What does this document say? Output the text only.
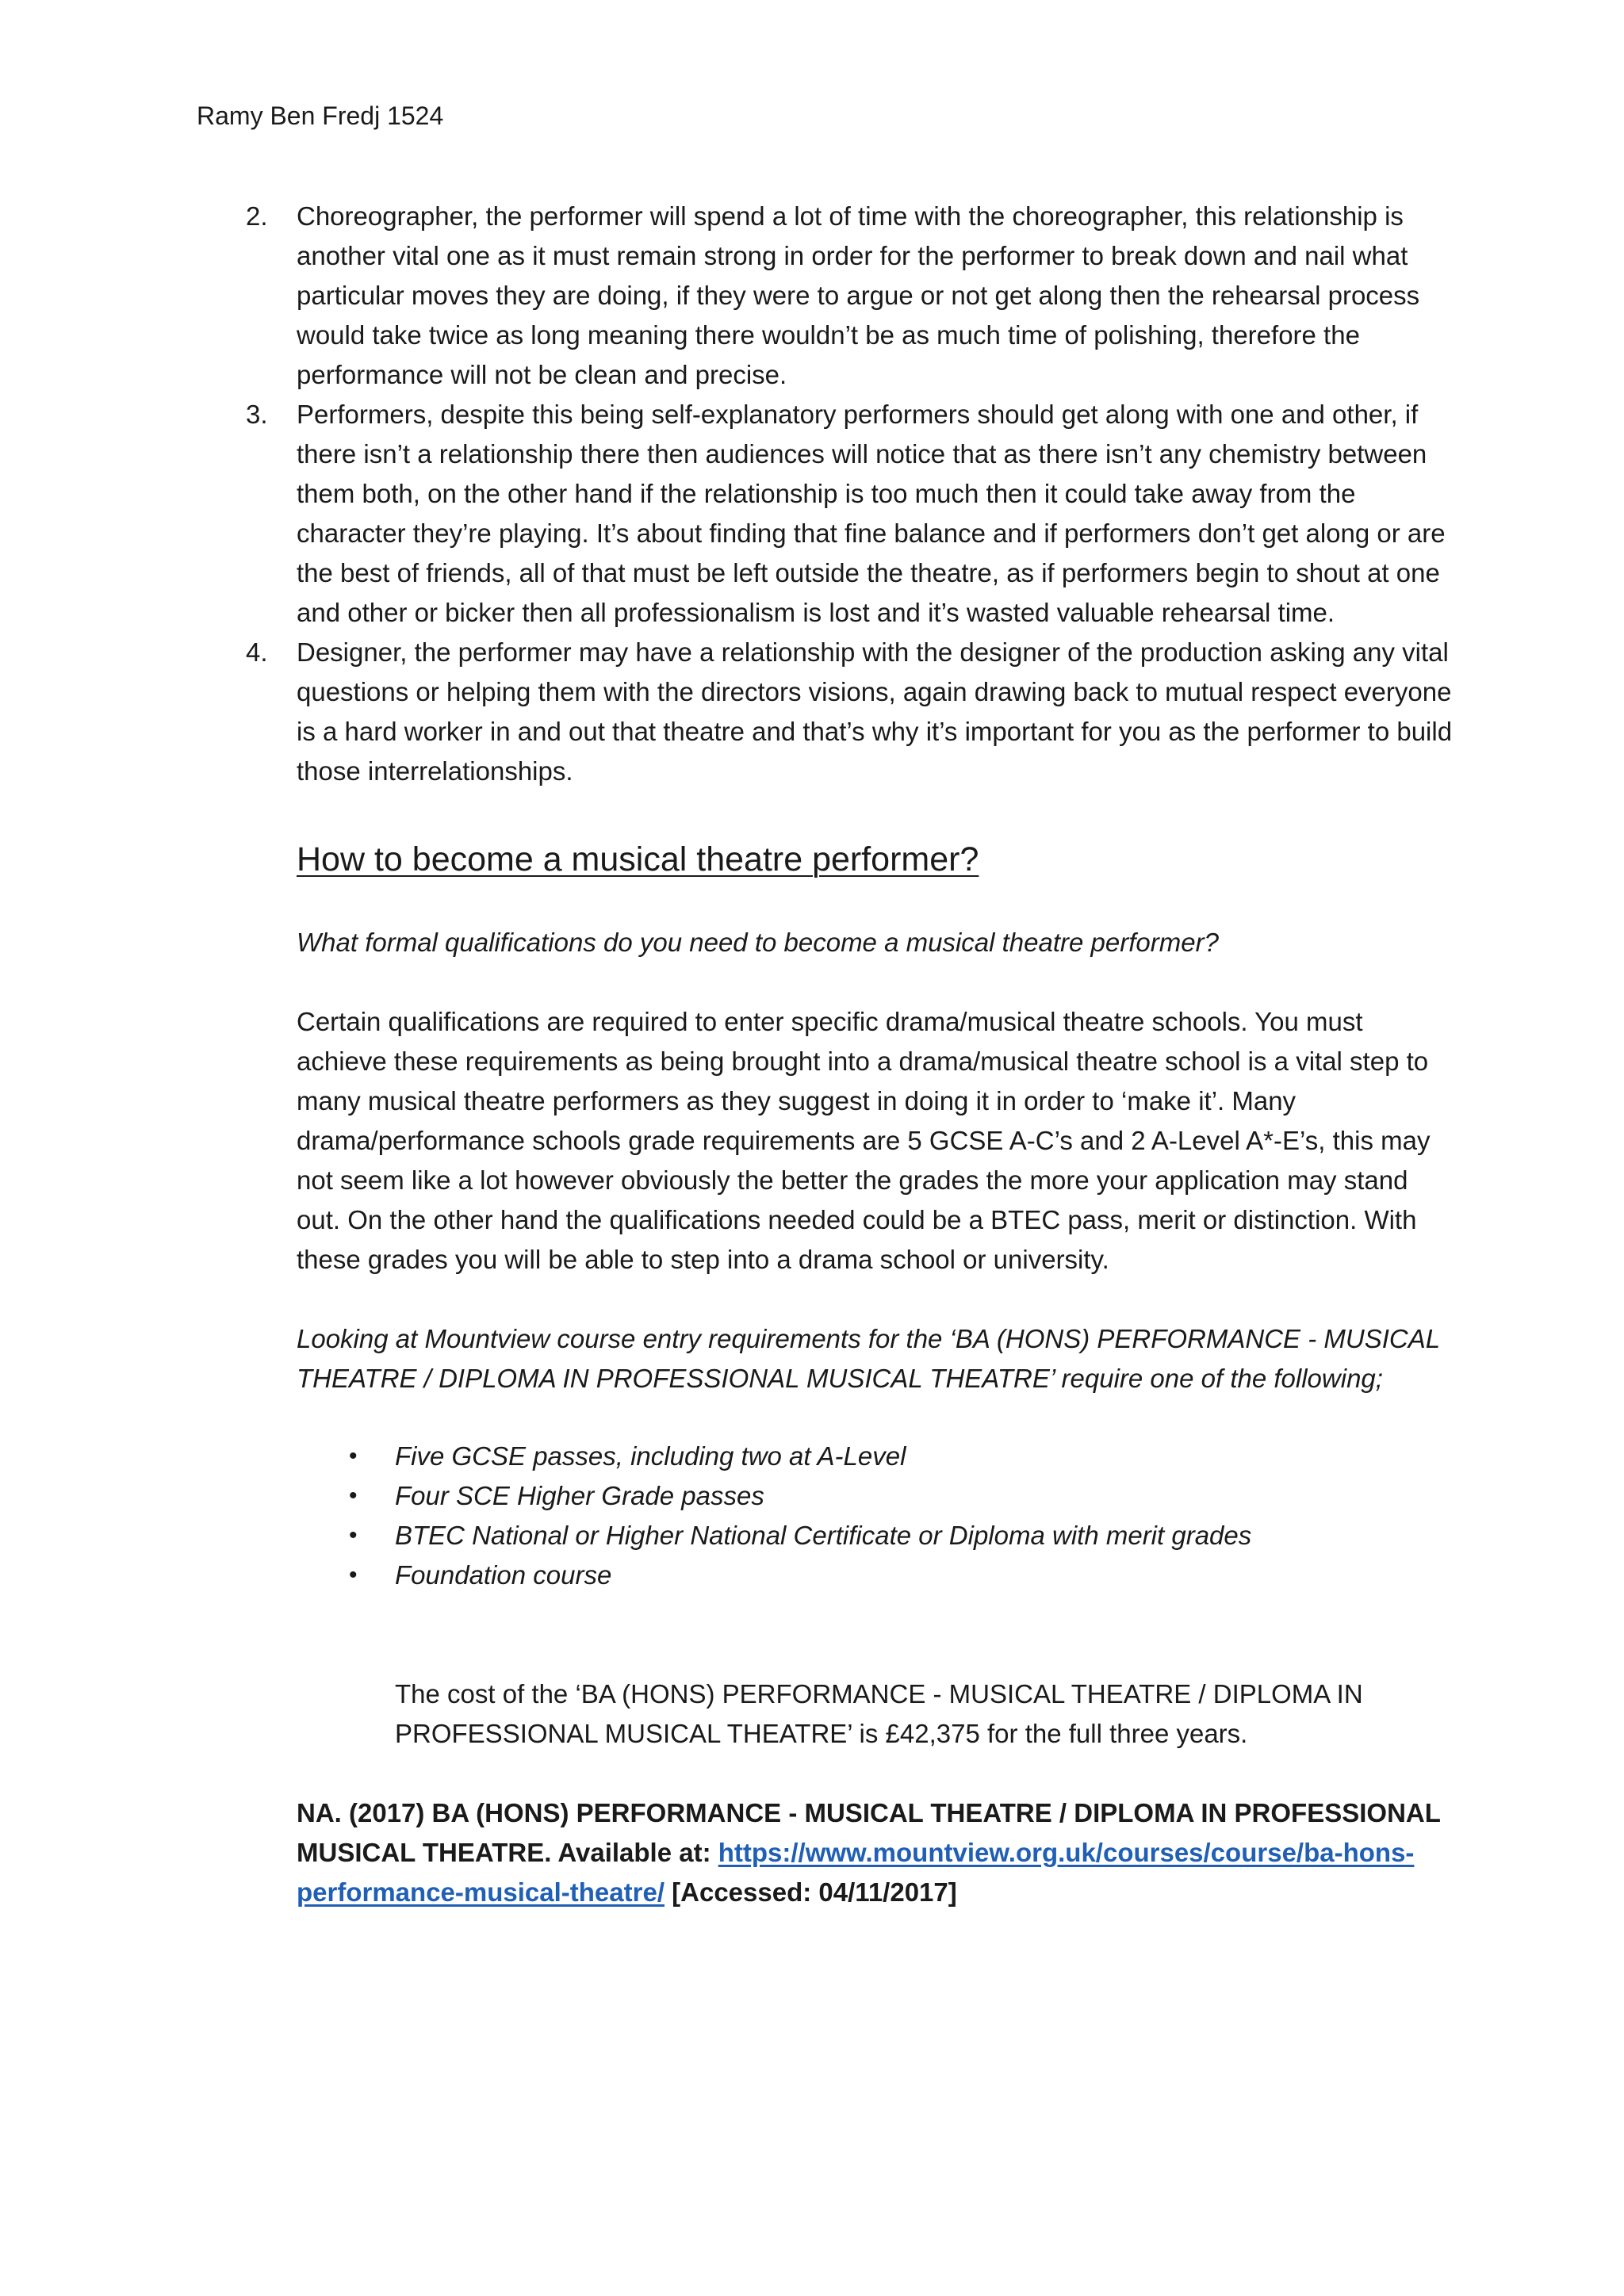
Ramy Ben Fredj 1524
2. Choreographer, the performer will spend a lot of time with the choreographer, this relationship is another vital one as it must remain strong in order for the performer to break down and nail what particular moves they are doing, if they were to argue or not get along then the rehearsal process would take twice as long meaning there wouldn’t be as much time of polishing, therefore the performance will not be clean and precise.
3. Performers, despite this being self-explanatory performers should get along with one and other, if there isn’t a relationship there then audiences will notice that as there isn’t any chemistry between them both, on the other hand if the relationship is too much then it could take away from the character they’re playing. It’s about finding that fine balance and if performers don’t get along or are the best of friends, all of that must be left outside the theatre, as if performers begin to shout at one and other or bicker then all professionalism is lost and it’s wasted valuable rehearsal time.
4. Designer, the performer may have a relationship with the designer of the production asking any vital questions or helping them with the directors visions, again drawing back to mutual respect everyone is a hard worker in and out that theatre and that’s why it’s important for you as the performer to build those interrelationships.
How to become a musical theatre performer?

What formal qualifications do you need to become a musical theatre performer?

Certain qualifications are required to enter specific drama/musical theatre schools. You must achieve these requirements as being brought into a drama/musical theatre school is a vital step to many musical theatre performers as they suggest in doing it in order to ‘make it’. Many drama/performance schools grade requirements are 5 GCSE A-C’s and 2 A-Level A*-E’s, this may not seem like a lot however obviously the better the grades the more your application may stand out. On the other hand the qualifications needed could be a BTEC pass, merit or distinction. With these grades you will be able to step into a drama school or university.

Looking at Mountview course entry requirements for the ‘BA (HONS) PERFORMANCE - MUSICAL THEATRE / DIPLOMA IN PROFESSIONAL MUSICAL THEATRE’ require one of the following;

• Five GCSE passes, including two at A-Level
• Four SCE Higher Grade passes
• BTEC National or Higher National Certificate or Diploma with merit grades
• Foundation course

The cost of the ‘BA (HONS) PERFORMANCE - MUSICAL THEATRE / DIPLOMA IN PROFESSIONAL MUSICAL THEATRE’ is £42,375 for the full three years.

NA. (2017) BA (HONS) PERFORMANCE - MUSICAL THEATRE / DIPLOMA IN PROFESSIONAL MUSICAL THEATRE. Available at: https://www.mountview.org.uk/courses/course/ba-hons-performance-musical-theatre/ [Accessed: 04/11/2017]
